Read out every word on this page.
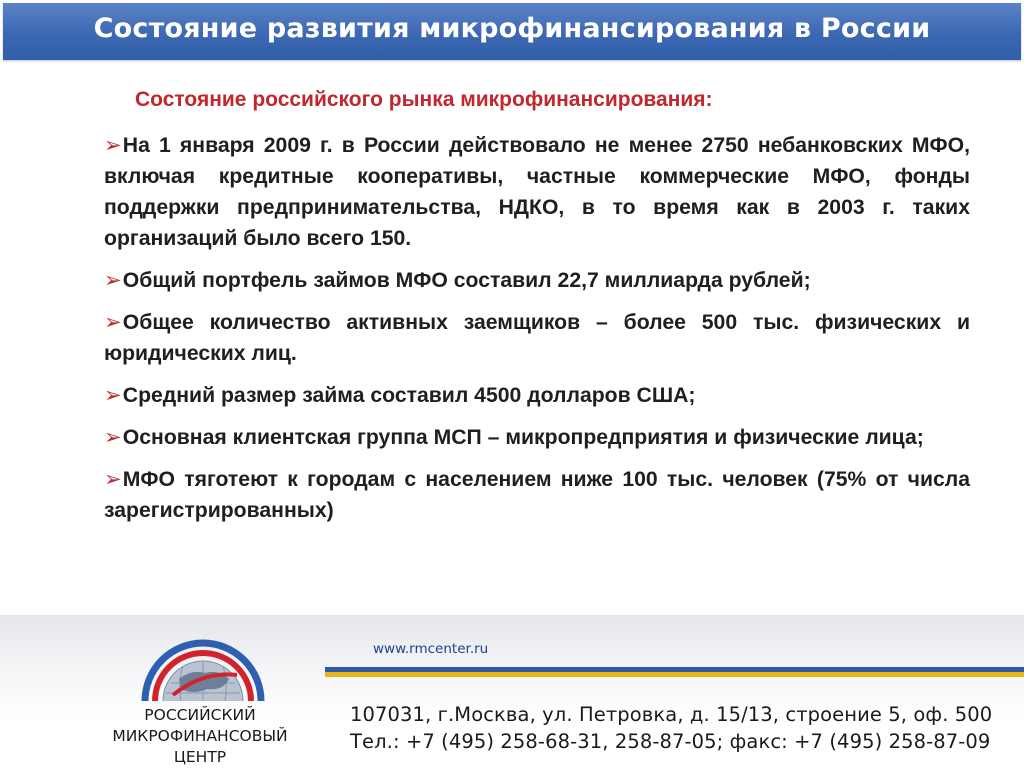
Состояние развития микрофинансирования в России
Состояние российского рынка микрофинансирования:
➢На 1 января 2009 г. в России действовало не менее 2750 небанковских МФО, включая кредитные кооперативы, частные коммерческие МФО, фонды поддержки предпринимательства, НДКО, в то время как в 2003 г. таких организаций было всего 150.
➢Общий портфель займов МФО составил 22,7 миллиарда рублей;
➢Общее количество активных заемщиков – более 500 тыс. физических и юридических лиц.
➢Средний размер займа составил 4500 долларов США;
➢Основная клиентская группа МСП – микропредприятия и физические лица;
➢МФО тяготеют к городам с населением ниже 100 тыс. человек (75% от числа зарегистрированных)
РОССИЙСКИЙ
МИКРОФИНАНСОВЫЙ
ЦЕНТР
www.rmcenter.ru
107031, г.Москва, ул. Петровка, д. 15/13, строение 5, оф. 500
Тел.: +7 (495) 258-68-31, 258-87-05; факс: +7 (495) 258-87-09
